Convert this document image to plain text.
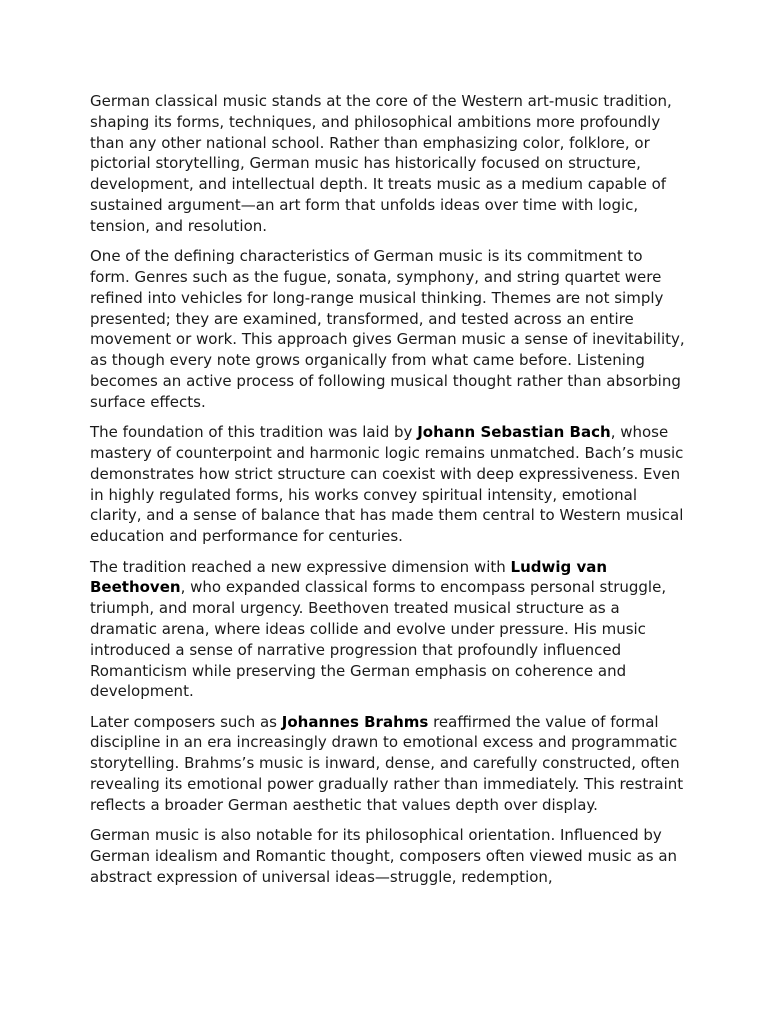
German classical music stands at the core of the Western art-music tradition, shaping its forms, techniques, and philosophical ambitions more profoundly than any other national school. Rather than emphasizing color, folklore, or pictorial storytelling, German music has historically focused on structure, development, and intellectual depth. It treats music as a medium capable of sustained argument—an art form that unfolds ideas over time with logic, tension, and resolution.

One of the defining characteristics of German music is its commitment to form. Genres such as the fugue, sonata, symphony, and string quartet were refined into vehicles for long-range musical thinking. Themes are not simply presented; they are examined, transformed, and tested across an entire movement or work. This approach gives German music a sense of inevitability, as though every note grows organically from what came before. Listening becomes an active process of following musical thought rather than absorbing surface effects.

The foundation of this tradition was laid by Johann Sebastian Bach, whose mastery of counterpoint and harmonic logic remains unmatched. Bach’s music demonstrates how strict structure can coexist with deep expressiveness. Even in highly regulated forms, his works convey spiritual intensity, emotional clarity, and a sense of balance that has made them central to Western musical education and performance for centuries.

The tradition reached a new expressive dimension with Ludwig van Beethoven, who expanded classical forms to encompass personal struggle, triumph, and moral urgency. Beethoven treated musical structure as a dramatic arena, where ideas collide and evolve under pressure. His music introduced a sense of narrative progression that profoundly influenced Romanticism while preserving the German emphasis on coherence and development.

Later composers such as Johannes Brahms reaffirmed the value of formal discipline in an era increasingly drawn to emotional excess and programmatic storytelling. Brahms’s music is inward, dense, and carefully constructed, often revealing its emotional power gradually rather than immediately. This restraint reflects a broader German aesthetic that values depth over display.

German music is also notable for its philosophical orientation. Influenced by German idealism and Romantic thought, composers often viewed music as an abstract expression of universal ideas—struggle, redemption,
